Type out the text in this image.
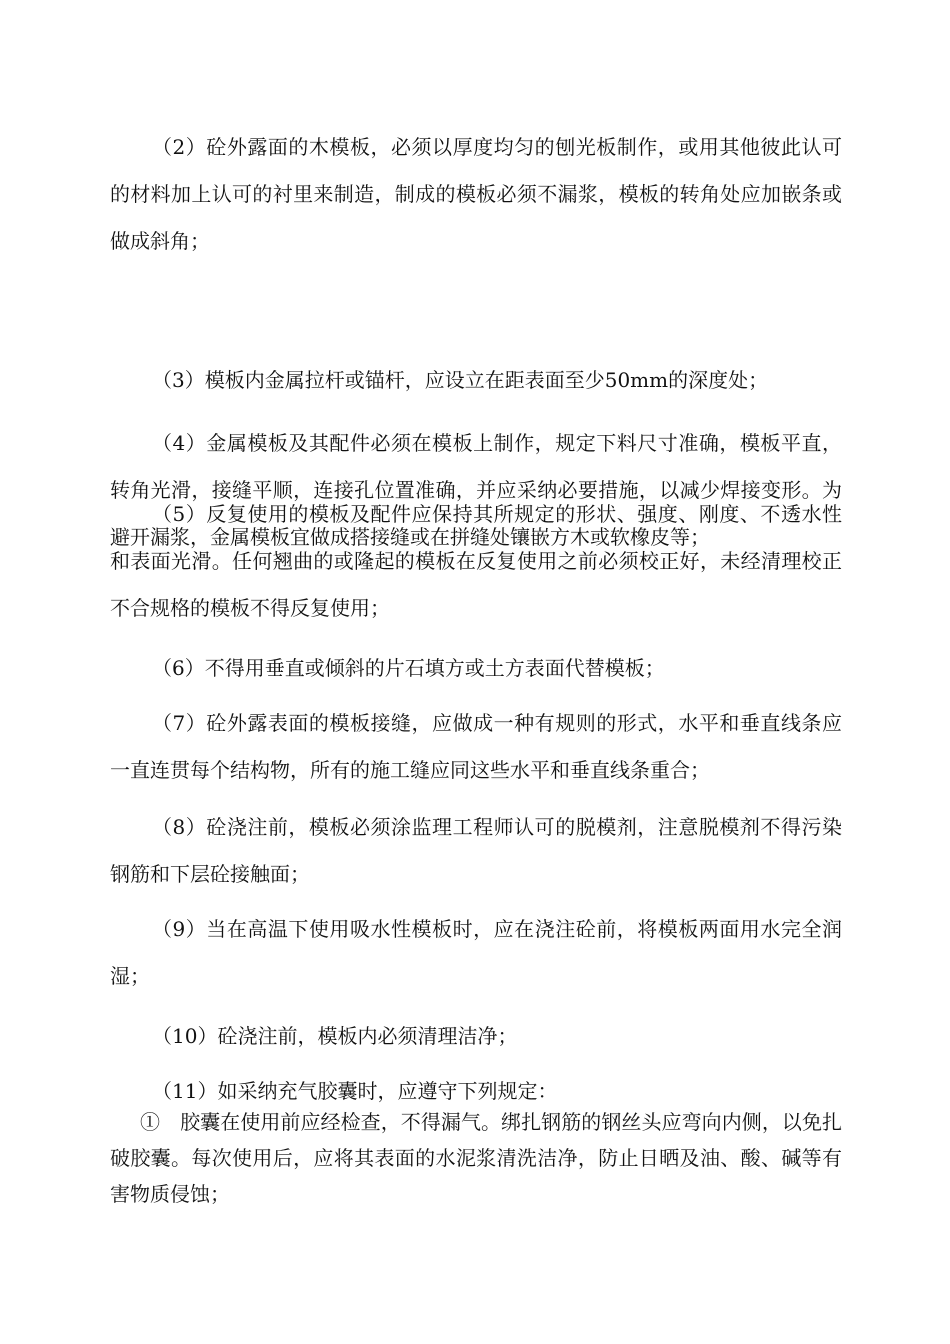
（2）砼外露面的木模板，必须以厚度均匀的刨光板制作，或用其他彼此认可的材料加上认可的衬里来制造，制成的模板必须不漏浆，模板的转角处应加嵌条或做成斜角；

（3）模板内金属拉杆或锚杆，应设立在距表面至少50mm的深度处；

（4）金属模板及其配件必须在模板上制作，规定下料尺寸准确，模板平直，转角光滑，接缝平顺，连接孔位置准确，并应采纳必要措施，以减少焊接变形。为避开漏浆，金属模板宜做成搭接缝或在拼缝处镶嵌方木或软橡皮等；

（5）反复使用的模板及配件应保持其所规定的形状、强度、刚度、不透水性和表面光滑。任何翘曲的或隆起的模板在反复使用之前必须校正好，未经清理校正不合规格的模板不得反复使用；

（6）不得用垂直或倾斜的片石填方或土方表面代替模板；

（7）砼外露表面的模板接缝，应做成一种有规则的形式，水平和垂直线条应一直连贯每个结构物，所有的施工缝应同这些水平和垂直线条重合；

（8）砼浇注前，模板必须涂监理工程师认可的脱模剂，注意脱模剂不得污染钢筋和下层砼接触面；

（9）当在高温下使用吸水性模板时，应在浇注砼前，将模板两面用水完全润湿；

（10）砼浇注前，模板内必须清理洁净；

（11）如采纳充气胶囊时，应遵守下列规定：

①　胶囊在使用前应经检查，不得漏气。绑扎钢筋的钢丝头应弯向内侧，以免扎破胶囊。每次使用后，应将其表面的水泥浆清洗洁净，防止日晒及油、酸、碱等有害物质侵蚀；
